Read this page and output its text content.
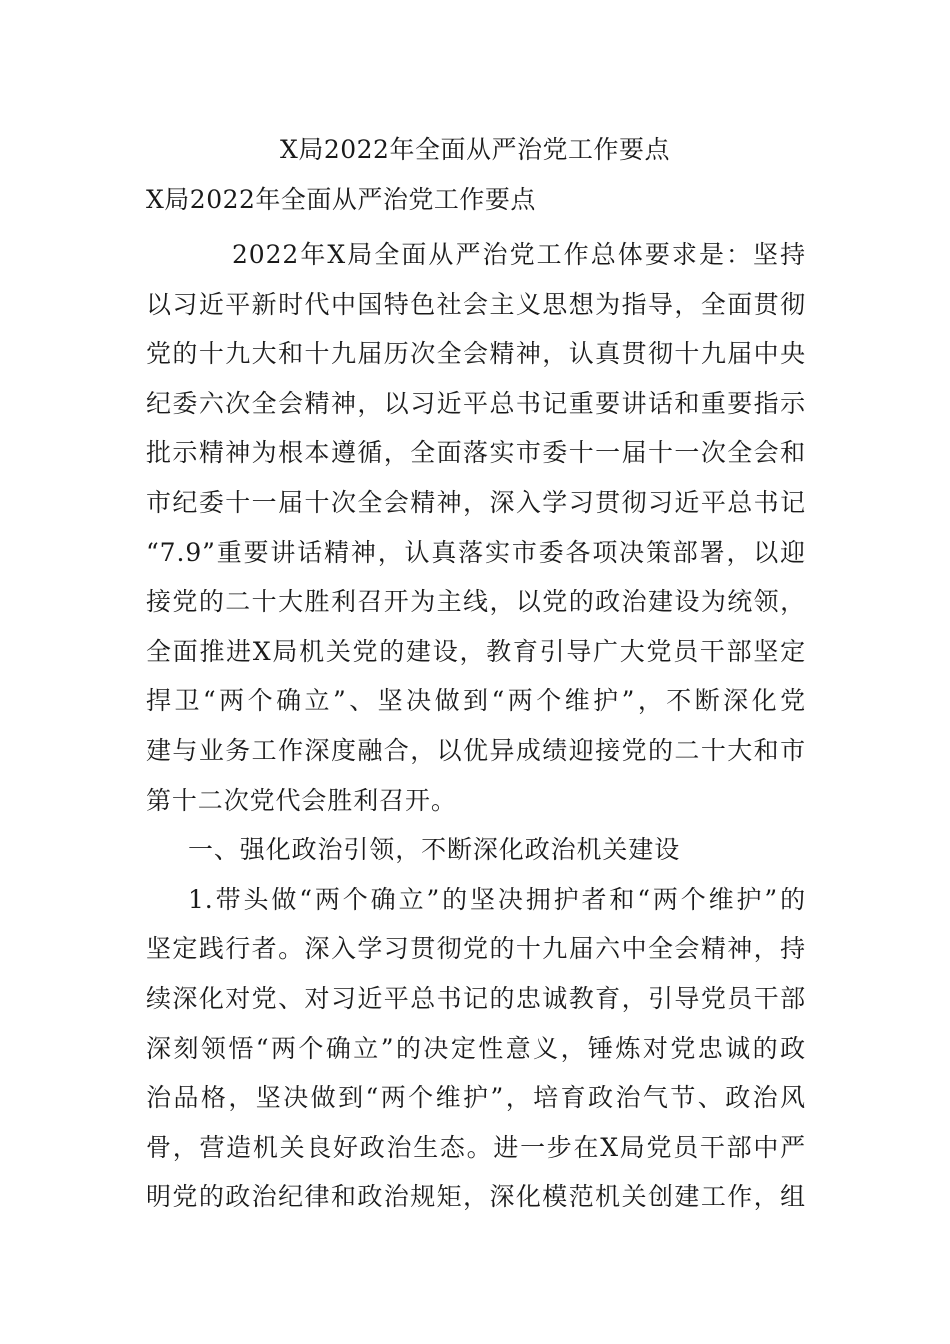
X局2022年全面从严治党工作要点
X局2022年全面从严治党工作要点

2022年X局全面从严治党工作总体要求是：坚持
以习近平新时代中国特色社会主义思想为指导，全面贯彻
党的十九大和十九届历次全会精神，认真贯彻十九届中央
纪委六次全会精神，以习近平总书记重要讲话和重要指示
批示精神为根本遵循，全面落实市委十一届十一次全会和
市纪委十一届十次全会精神，深入学习贯彻习近平总书记
“7.9”重要讲话精神，认真落实市委各项决策部署，以迎
接党的二十大胜利召开为主线，以党的政治建设为统领，
全面推进X局机关党的建设，教育引导广大党员干部坚定
捍卫“两个确立”、坚决做到“两个维护”，不断深化党
建与业务工作深度融合，以优异成绩迎接党的二十大和市
第十二次党代会胜利召开。

一、强化政治引领，不断深化政治机关建设

1.带头做“两个确立”的坚决拥护者和“两个维护”的
坚定践行者。深入学习贯彻党的十九届六中全会精神，持
续深化对党、对习近平总书记的忠诚教育，引导党员干部
深刻领悟“两个确立”的决定性意义，锤炼对党忠诚的政
治品格，坚决做到“两个维护”，培育政治气节、政治风
骨，营造机关良好政治生态。进一步在X局党员干部中严
明党的政治纪律和政治规矩，深化模范机关创建工作，组
